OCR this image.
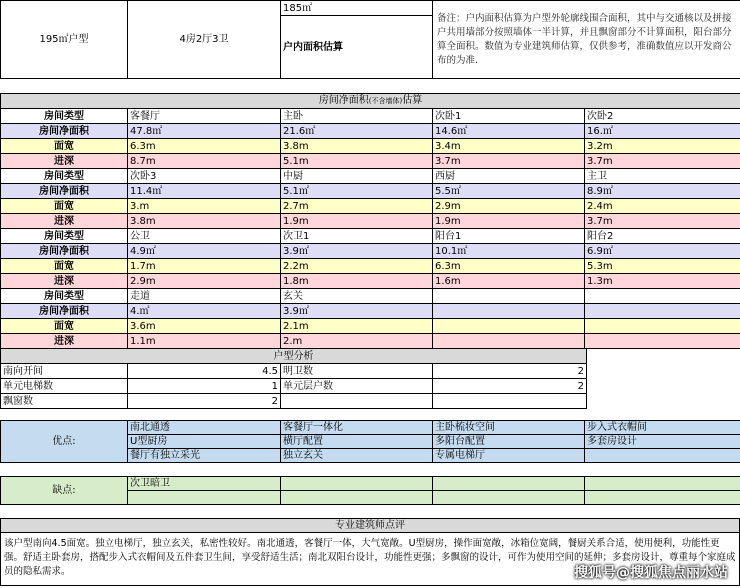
195㎡户型	4房2厅3卫	185㎡	备注：户内面积估算为户型外轮廓线围合面积，其中与交通核以及拼接户共用墙部分按照墙体一半计算，并且飘窗部分不计算面积，阳台部分算全面积。数值为专业建筑师估算，仅供参考，准确数值应以开发商公布的为准.
户内面积估算
房间净面积(不含墙体)估算				
房间类型	客餐厅	主卧	次卧1	次卧2
房间净面积	47.8㎡	21.6㎡	14.6㎡	16.㎡
面宽	6.3m	3.8m	3.4m	3.2m
进深	8.7m	5.1m	3.7m	3.7m
房间类型	次卧3	中厨	西厨	主卫
房间净面积	11.4㎡	5.1㎡	5.5㎡	8.9㎡
面宽	3.m	2.7m	2.9m	2.4m
进深	3.8m	1.9m	1.9m	3.7m
房间类型	公卫	次卫1	阳台1	阳台2
房间净面积	4.9㎡	3.9㎡	10.1㎡	6.9㎡
面宽	1.7m	2.2m	6.3m	5.3m
进深	2.9m	1.8m	1.6m	1.3m
房间类型	走道	玄关		
房间净面积	4.㎡	3.9㎡		
面宽	3.6m	2.1m		
进深	1.1m	2.m		
户型分析			
南向开间	4.5	明卫数	2
单元电梯数	1	单元层户数	2
飘窗数	2		
优点:	南北通透	客餐厅一体化	主卧梳妆空间	步入式衣帽间
	U型厨房	横厅配置	多阳台配置	多套房设计
	餐厅有独立采光	独立玄关	专属电梯厅	
缺点:	次卫暗卫			

专业建筑师点评
该户型南向4.5面宽。独立电梯厅，独立玄关，私密性较好。南北通透，客餐厅一体，大气宽敞。U型厨房，操作面宽敞，冰箱位宽阔，餐厨关系合适，使用便利，功能性更强。舒适主卧套房，搭配步入式衣帽间及五件套卫生间，享受舒适生活；南北双阳台设计，功能性更强；多飘窗的设计，可作为使用空间的延伸；多套房设计，尊重每个家庭成员的隐私需求。	搜狐号@搜狐焦点丽水站
